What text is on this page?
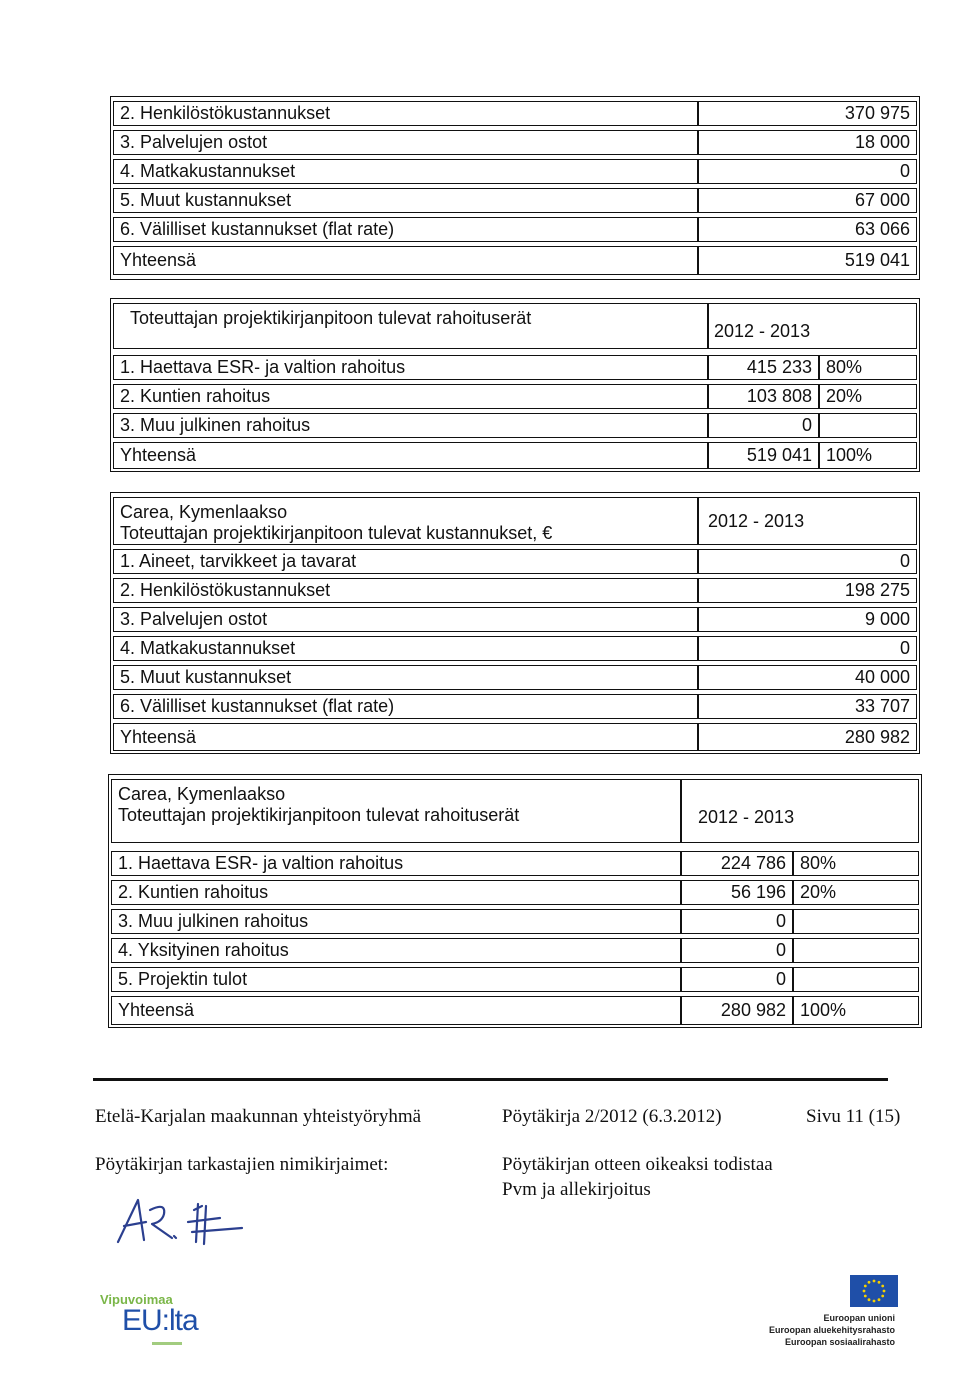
2. Henkilöstökustannukset	370 975
3. Palvelujen ostot	18 000
4. Matkakustannukset	0
5. Muut kustannukset	67 000
6. Välilliset kustannukset (flat rate)	63 066
Yhteensä	519 041
Toteuttajan projektikirjanpitoon tulevat rahoituserät
2012 - 2013
1. Haettava ESR- ja valtion rahoitus	415 233 80%
2. Kuntien rahoitus	103 808 20%
3. Muu julkinen rahoitus	0
Yhteensä	519 041 100%
Carea, Kymenlaakso
Toteuttajan projektikirjanpitoon tulevat kustannukset, €
2012 - 2013
1. Aineet, tarvikkeet ja tavarat	0
2. Henkilöstökustannukset	198 275
3. Palvelujen ostot	9 000
4. Matkakustannukset	0
5. Muut kustannukset	40 000
6. Välilliset kustannukset (flat rate)	33 707
Yhteensä	280 982
Carea, Kymenlaakso
Toteuttajan projektikirjanpitoon tulevat rahoituserät	2012 - 2013
1. Haettava ESR- ja valtion rahoitus	224 786 80%
2. Kuntien rahoitus	56 196 20%
3. Muu julkinen rahoitus	0
4. Yksityinen rahoitus	0
5. Projektin tulot	0
Yhteensä	280 982 100%
Etelä-Karjalan maakunnan yhteistyöryhmä	Pöytäkirja 2/2012 (6.3.2012)	Sivu 11 (15)
Pöytäkirjan tarkastajien nimikirjaimet:	Pöytäkirjan otteen oikeaksi todistaa
Pvm ja allekirjoitus
Vipuvoimaa
EU:lta	Euroopan unioni
Euroopan aluekehitysrahasto
Euroopan sosiaalirahasto
